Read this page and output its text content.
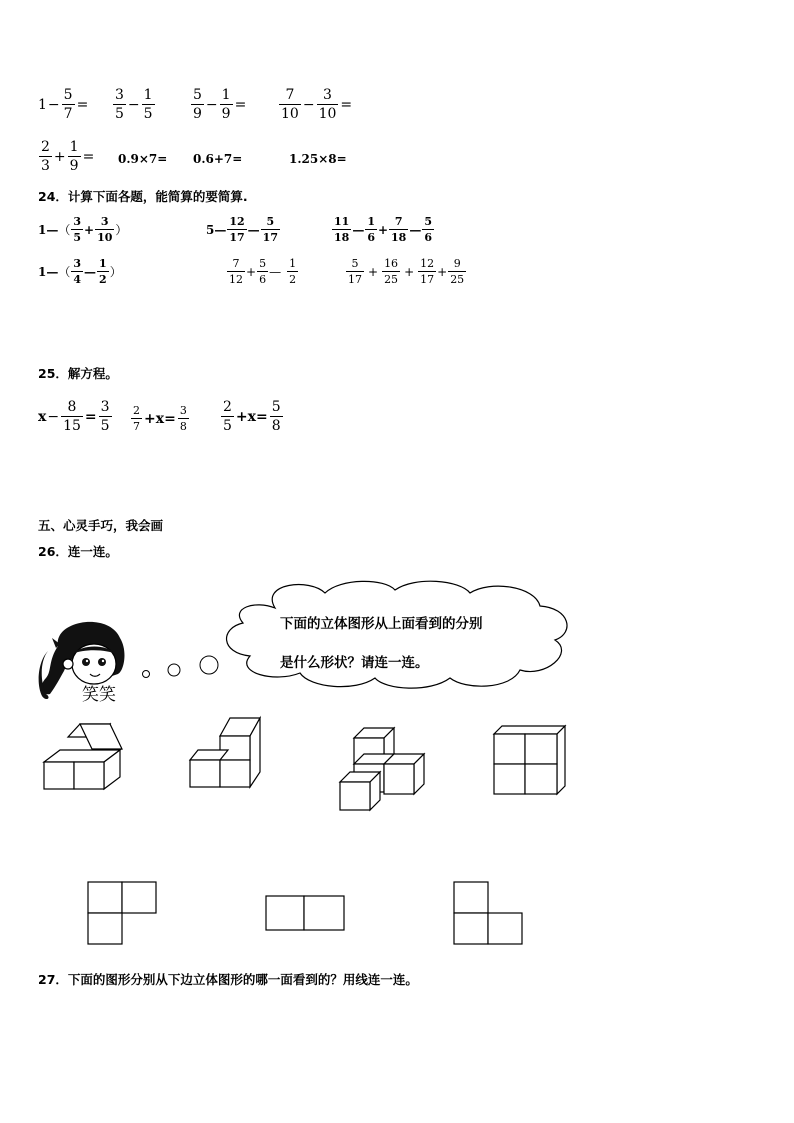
$1 - \frac{5}{7} = \frac{3}{5} - \frac{1}{5}$	$\frac{5}{9} - \frac{1}{9} = \frac{7}{10} - \frac{3}{10}$ =
$\frac{2}{3} + \frac{1}{9} = 0.9\times 7= 0.6+7=$	1.25×8=
24．计算下面各题，能简算的要简算.
1 — （ $\frac{3}{5} + \frac{3}{10}$ ）	5 — $\frac{12}{17}$ — $\frac{5}{17}$	$\frac{11}{18}$ — $\frac{1}{6} + \frac{7}{18}$ — $\frac{5}{6}$
1 — （ $\frac{3}{4}$ — $\frac{1}{2}$ ）	$\frac{7}{12} + \frac{5}{6}$ — $\frac{1}{2}$	$\frac{5}{17} + \frac{16}{25} + \frac{12}{17} + \frac{9}{25}$
25．解方程。
$x - \frac{8}{15} = \frac{3}{5} \frac{2}{7} +x= \frac{3}{8} \frac{2}{5} +x= \frac{5}{8}$
五、心灵手巧，我会画
26．连一连。
下面的立体图形从上面看到的分别
是什么形状？请连一连。
笑笑
27．下面的图形分别从下边立体图形的哪一面看到的？用线连一连。
